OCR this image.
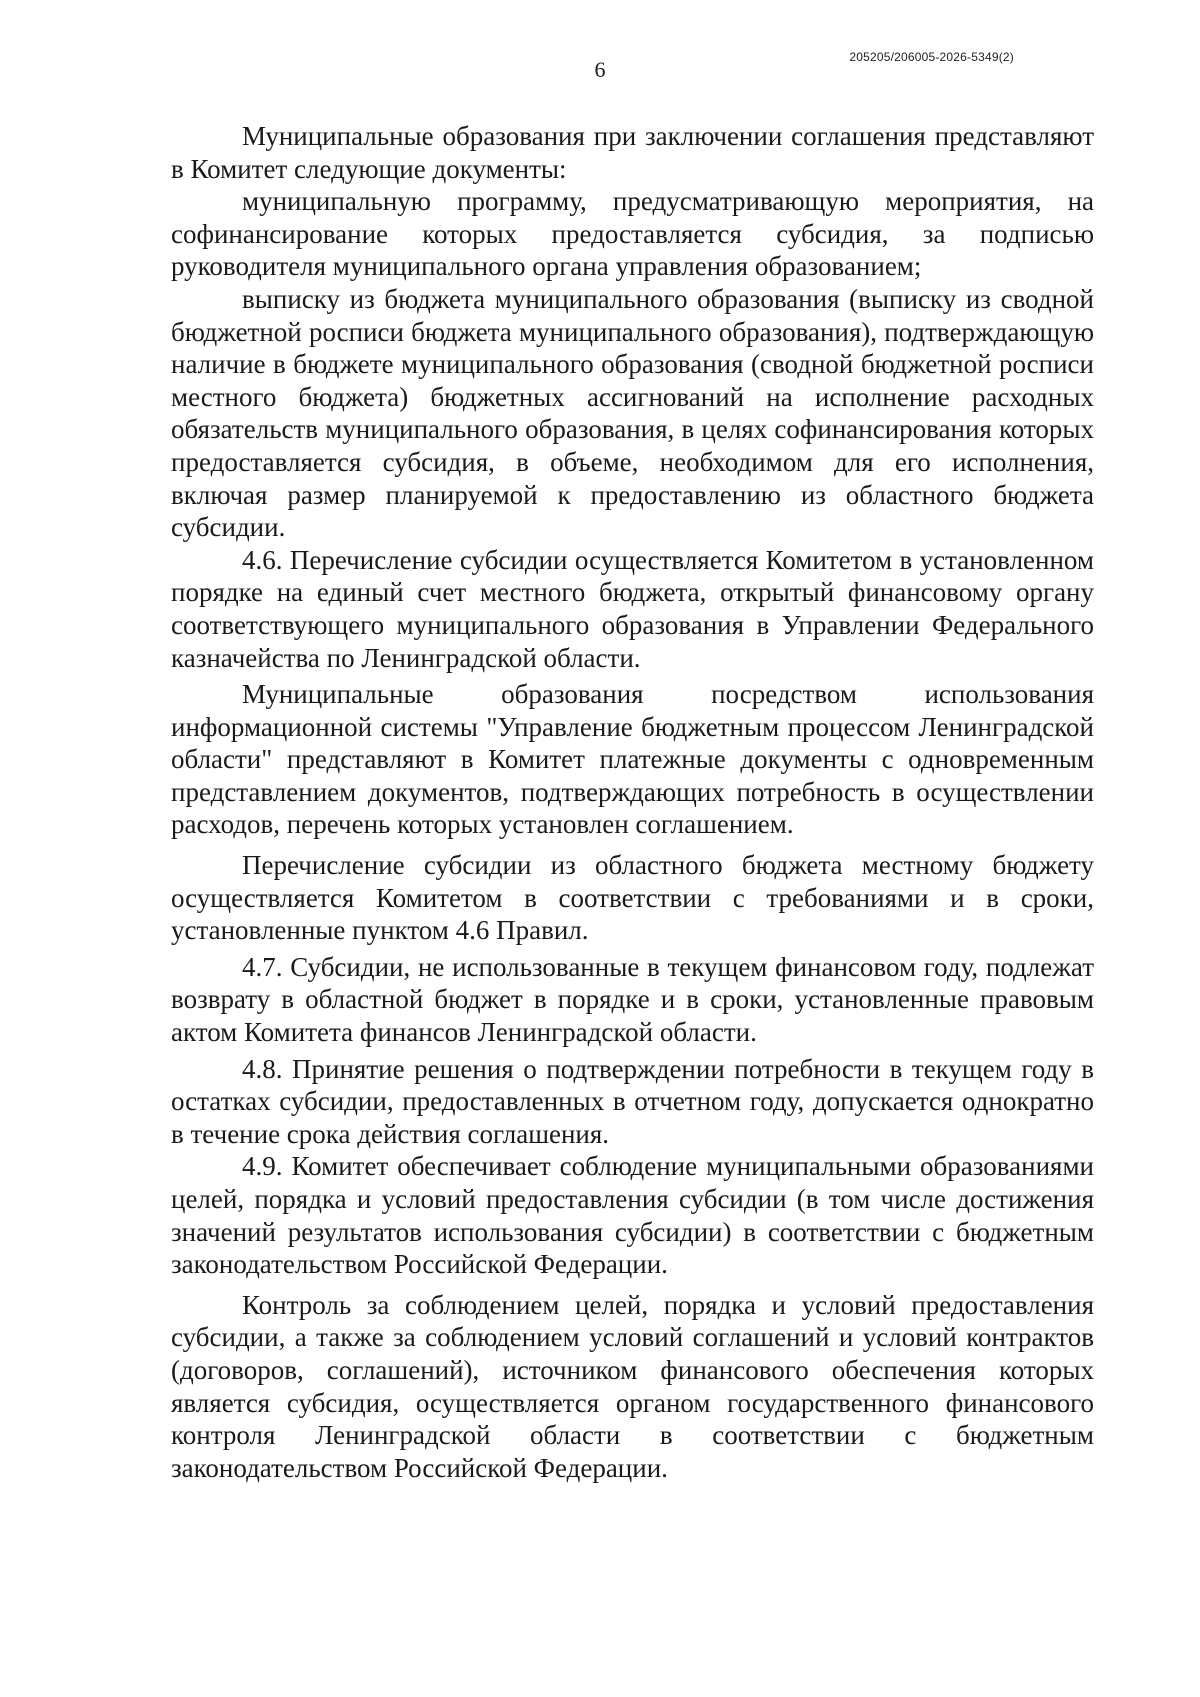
205205/206005-2026-5349(2)
6

Муниципальные образования при заключении соглашения представляют в Комитет следующие документы:

муниципальную программу, предусматривающую мероприятия, на софинансирование которых предоставляется субсидия, за подписью руководителя муниципального органа управления образованием;

выписку из бюджета муниципального образования (выписку из сводной бюджетной росписи бюджета муниципального образования), подтверждающую наличие в бюджете муниципального образования (сводной бюджетной росписи местного бюджета) бюджетных ассигнований на исполнение расходных обязательств муниципального образования, в целях софинансирования которых предоставляется субсидия, в объеме, необходимом для его исполнения, включая размер планируемой к предоставлению из областного бюджета субсидии.

4.6. Перечисление субсидии осуществляется Комитетом в установленном порядке на единый счет местного бюджета, открытый финансовому органу соответствующего муниципального образования в Управлении Федерального казначейства по Ленинградской области.

Муниципальные образования посредством использования информационной системы "Управление бюджетным процессом Ленинградской области" представляют в Комитет платежные документы с одновременным представлением документов, подтверждающих потребность в осуществлении расходов, перечень которых установлен соглашением.

Перечисление субсидии из областного бюджета местному бюджету осуществляется Комитетом в соответствии с требованиями и в сроки, установленные пунктом 4.6 Правил.

4.7. Субсидии, не использованные в текущем финансовом году, подлежат возврату в областной бюджет в порядке и в сроки, установленные правовым актом Комитета финансов Ленинградской области.

4.8. Принятие решения о подтверждении потребности в текущем году в остатках субсидии, предоставленных в отчетном году, допускается однократно в течение срока действия соглашения.

4.9. Комитет обеспечивает соблюдение муниципальными образованиями целей, порядка и условий предоставления субсидии (в том числе достижения значений результатов использования субсидии) в соответствии с бюджетным законодательством Российской Федерации.

Контроль за соблюдением целей, порядка и условий предоставления субсидии, а также за соблюдением условий соглашений и условий контрактов (договоров, соглашений), источником финансового обеспечения которых является субсидия, осуществляется органом государственного финансового контроля Ленинградской области в соответствии с бюджетным законодательством Российской Федерации.
